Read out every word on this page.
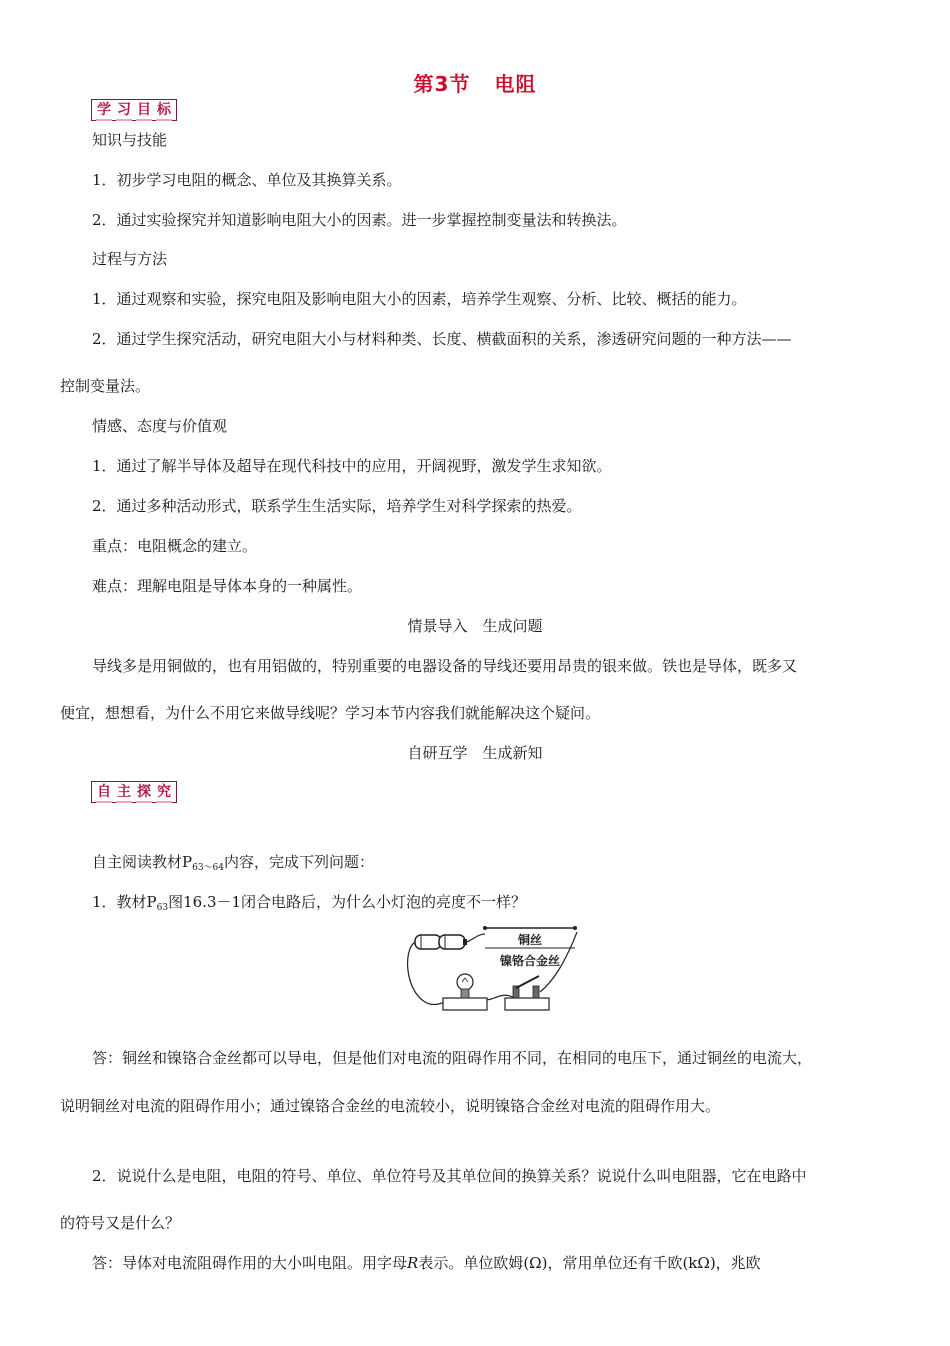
第3节 电阻
学 习 目 标
知识与技能
1．初步学习电阻的概念、单位及其换算关系。
2．通过实验探究并知道影响电阻大小的因素。进一步掌握控制变量法和转换法。
过程与方法
1．通过观察和实验，探究电阻及影响电阻大小的因素，培养学生观察、分析、比较、概括的能力。
2．通过学生探究活动，研究电阻大小与材料种类、长度、横截面积的关系，渗透研究问题的一种方法——
控制变量法。
情感、态度与价值观
1．通过了解半导体及超导在现代科技中的应用，开阔视野，激发学生求知欲。
2．通过多种活动形式，联系学生生活实际，培养学生对科学探索的热爱。
重点：电阻概念的建立。
难点：理解电阻是导体本身的一种属性。
情景导入　生成问题
导线多是用铜做的，也有用铝做的，特别重要的电器设备的导线还要用昂贵的银来做。铁也是导体，既多又
便宜，想想看，为什么不用它来做导线呢？学习本节内容我们就能解决这个疑问。
自研互学　生成新知
自 主 探 究
自主阅读教材$P_{63\sim 64}$内容，完成下列问题：
1．教材$P_{63}$图16.3－1闭合电路后，为什么小灯泡的亮度不一样？
铜丝
镍铬合金丝
答：铜丝和镍铬合金丝都可以导电，但是他们对电流的阻碍作用不同，在相同的电压下，通过铜丝的电流大，
说明铜丝对电流的阻碍作用小；通过镍铬合金丝的电流较小，说明镍铬合金丝对电流的阻碍作用大。
2．说说什么是电阻，电阻的符号、单位、单位符号及其单位间的换算关系？说说什么叫电阻器，它在电路中
的符号又是什么？
答：导体对电流阻碍作用的大小叫电阻。用字母R表示。单位欧姆(Ω)，常用单位还有千欧(kΩ)，兆欧
